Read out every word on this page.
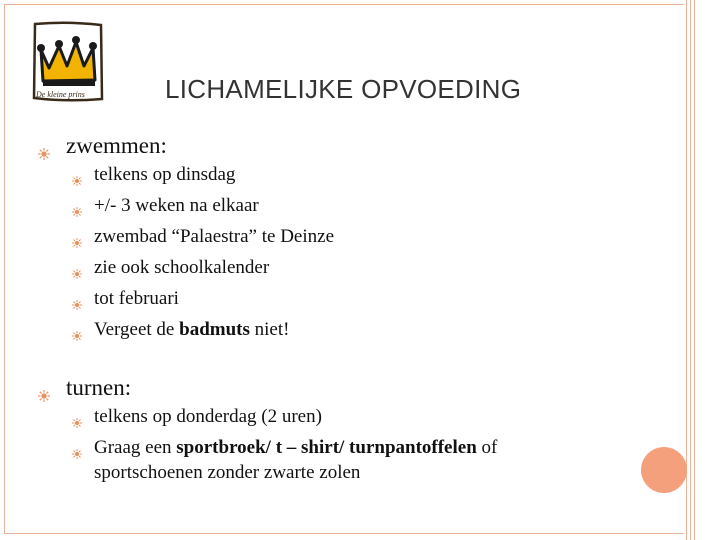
De kleine prins	LICHAMELIJKE OPVOEDING
zwemmen:
telkens op dinsdag
+/- 3 weken na elkaar
zwembad “Palaestra” te Deinze
zie ook schoolkalender
tot februari
Vergeet de badmuts niet!
turnen:
telkens op donderdag (2 uren)
Graag een sportbroek/ t – shirt/ turnpantoffelen of
sportschoenen zonder zwarte zolen
